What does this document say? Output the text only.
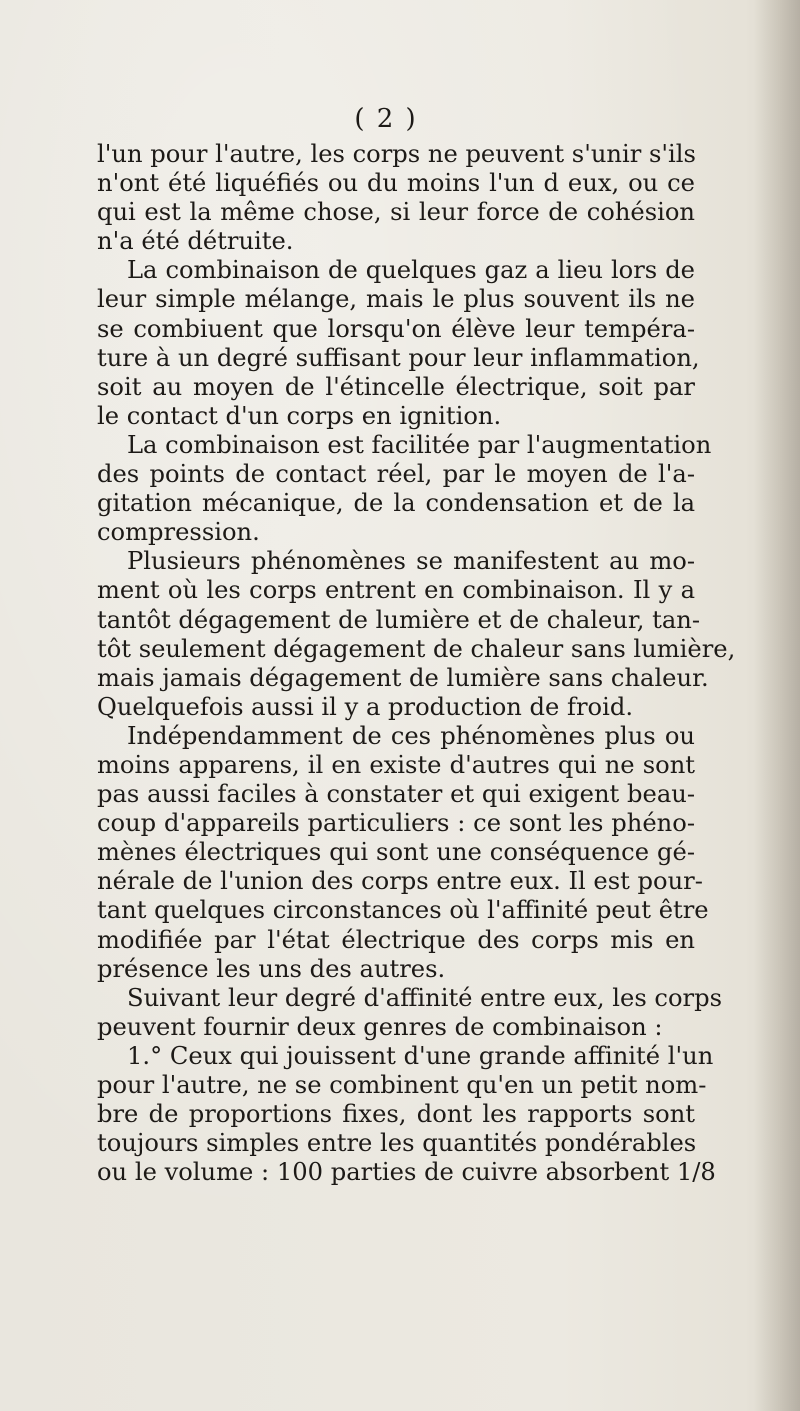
( 2 )
l'un pour l'autre, les corps ne peuvent s'unir s'ils
n'ont été liquéfiés ou du moins l'un d eux, ou ce
qui est la même chose, si leur force de cohésion
n'a été détruite.
La combinaison de quelques gaz a lieu lors de
leur simple mélange, mais le plus souvent ils ne
se combiuent que lorsqu'on élève leur tempéra-
ture à un degré suffisant pour leur inflammation,
soit au moyen de l'étincelle électrique, soit par
le contact d'un corps en ignition.
La combinaison est facilitée par l'augmentation
des points de contact réel, par le moyen de l'a-
gitation mécanique, de la condensation et de la
compression.
Plusieurs phénomènes se manifestent au mo-
ment où les corps entrent en combinaison. Il y a
tantôt dégagement de lumière et de chaleur, tan-
tôt seulement dégagement de chaleur sans lumière,
mais jamais dégagement de lumière sans chaleur.
Quelquefois aussi il y a production de froid.
Indépendamment de ces phénomènes plus ou
moins apparens, il en existe d'autres qui ne sont
pas aussi faciles à constater et qui exigent beau-
coup d'appareils particuliers : ce sont les phéno-
mènes électriques qui sont une conséquence gé-
nérale de l'union des corps entre eux. Il est pour-
tant quelques circonstances où l'affinité peut être
modifiée par l'état électrique des corps mis en
présence les uns des autres.
Suivant leur degré d'affinité entre eux, les corps
peuvent fournir deux genres de combinaison :
1.° Ceux qui jouissent d'une grande affinité l'un
pour l'autre, ne se combinent qu'en un petit nom-
bre de proportions fixes, dont les rapports sont
toujours simples entre les quantités pondérables
ou le volume : 100 parties de cuivre absorbent 1/8
